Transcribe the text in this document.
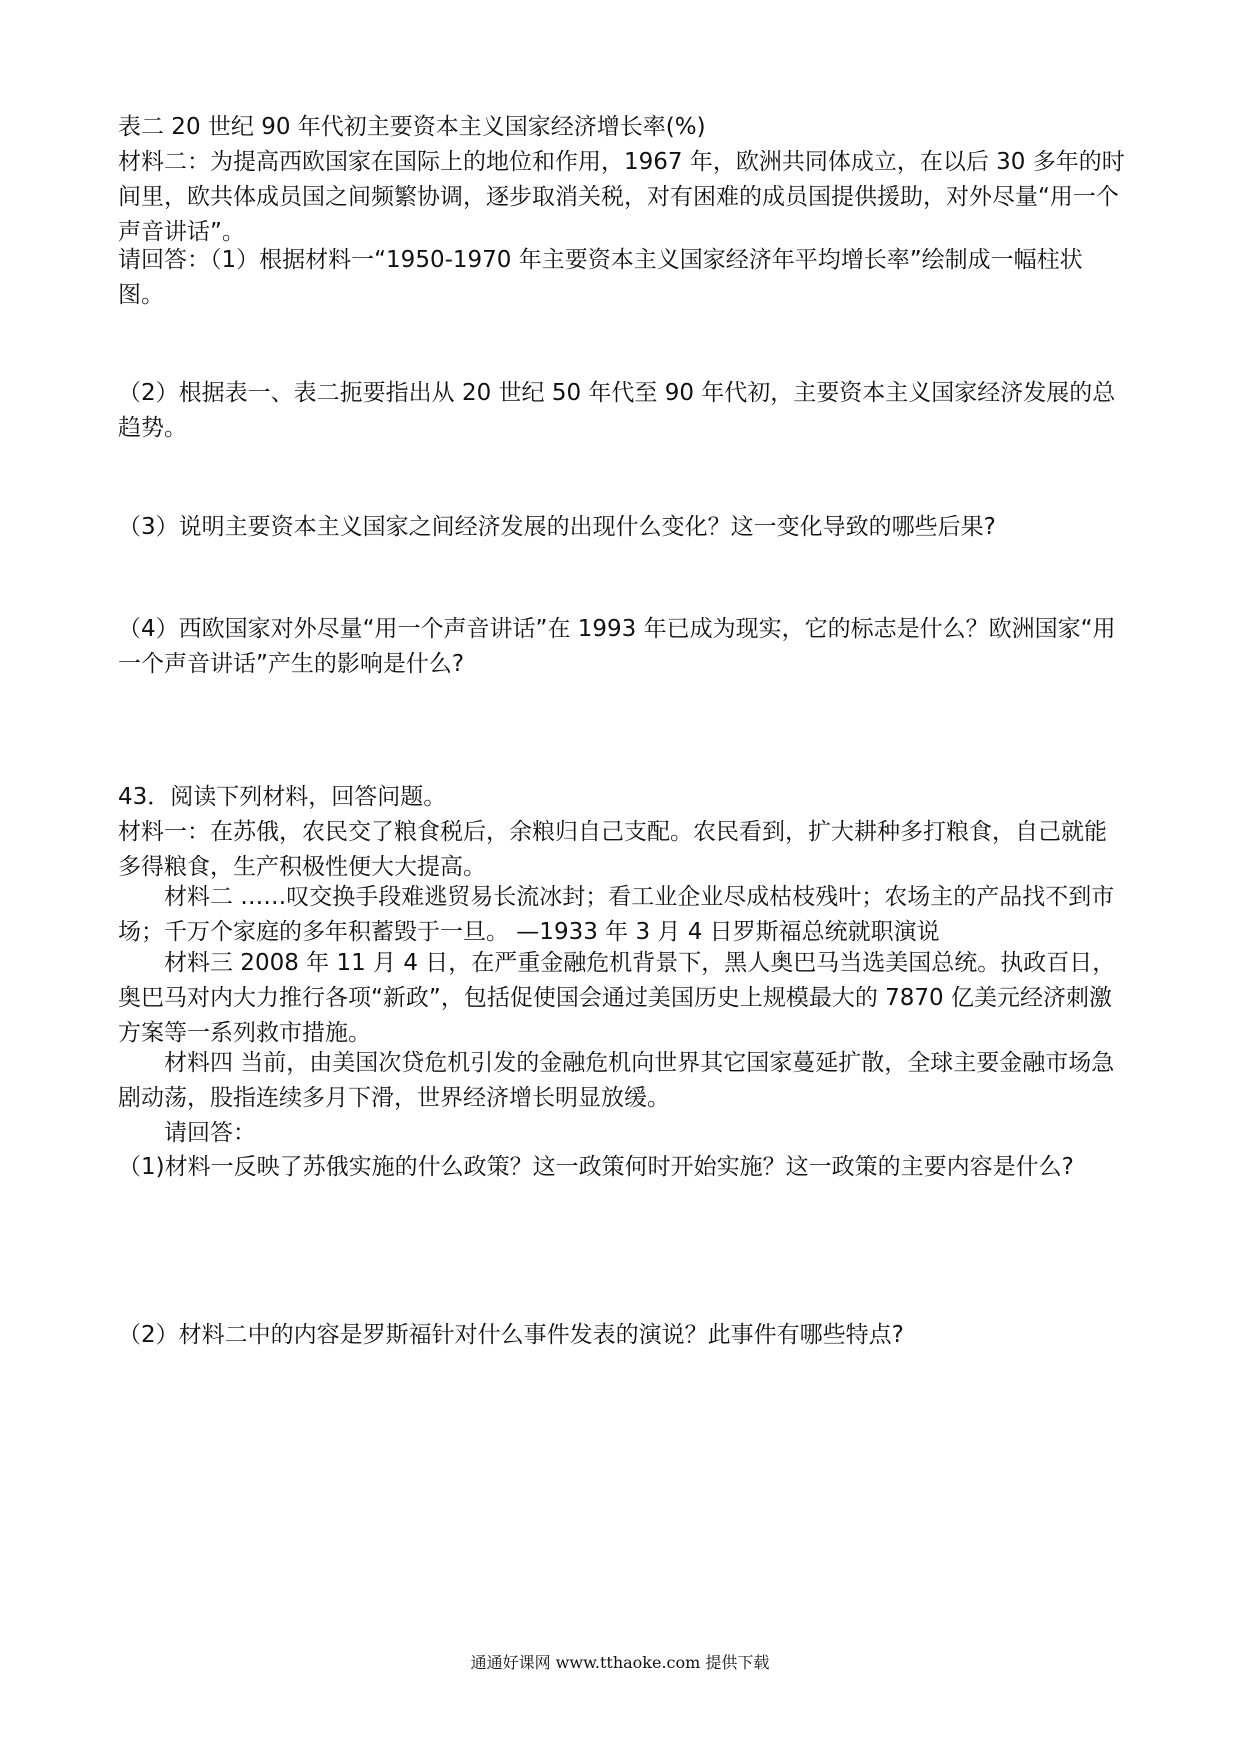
表二 20 世纪 90 年代初主要资本主义国家经济增长率(%)

材料二：为提高西欧国家在国际上的地位和作用，1967 年，欧洲共同体成立，在以后 30 多年的时间里，欧共体成员国之间频繁协调，逐步取消关税，对有困难的成员国提供援助，对外尽量“用一个声音讲话”。

请回答：（1）根据材料一“1950-1970 年主要资本主义国家经济年平均增长率”绘制成一幅柱状图。

（2）根据表一、表二扼要指出从 20 世纪 50 年代至 90 年代初，主要资本主义国家经济发展的总趋势。

（3）说明主要资本主义国家之间经济发展的出现什么变化？这一变化导致的哪些后果?

（4）西欧国家对外尽量“用一个声音讲话”在 1993 年已成为现实，它的标志是什么？欧洲国家“用一个声音讲话”产生的影响是什么?

43．阅读下列材料，回答问题。

材料一：在苏俄，农民交了粮食税后，余粮归自己支配。农民看到，扩大耕种多打粮食，自己就能多得粮食，生产积极性便大大提高。

材料二 ……叹交换手段难逃贸易长流冰封；看工业企业尽成枯枝残叶；农场主的产品找不到市场；千万个家庭的多年积蓄毁于一旦。 —1933 年 3 月 4 日罗斯福总统就职演说

材料三 2008 年 11 月 4 日，在严重金融危机背景下，黑人奥巴马当选美国总统。执政百日，奥巴马对内大力推行各项“新政”，包括促使国会通过美国历史上规模最大的 7870 亿美元经济刺激方案等一系列救市措施。

材料四 当前，由美国次贷危机引发的金融危机向世界其它国家蔓延扩散，全球主要金融市场急剧动荡，股指连续多月下滑，世界经济增长明显放缓。

请回答：

（1)材料一反映了苏俄实施的什么政策？这一政策何时开始实施？这一政策的主要内容是什么?

（2）材料二中的内容是罗斯福针对什么事件发表的演说？此事件有哪些特点?

通通好课网 www.tthaoke.com 提供下载
